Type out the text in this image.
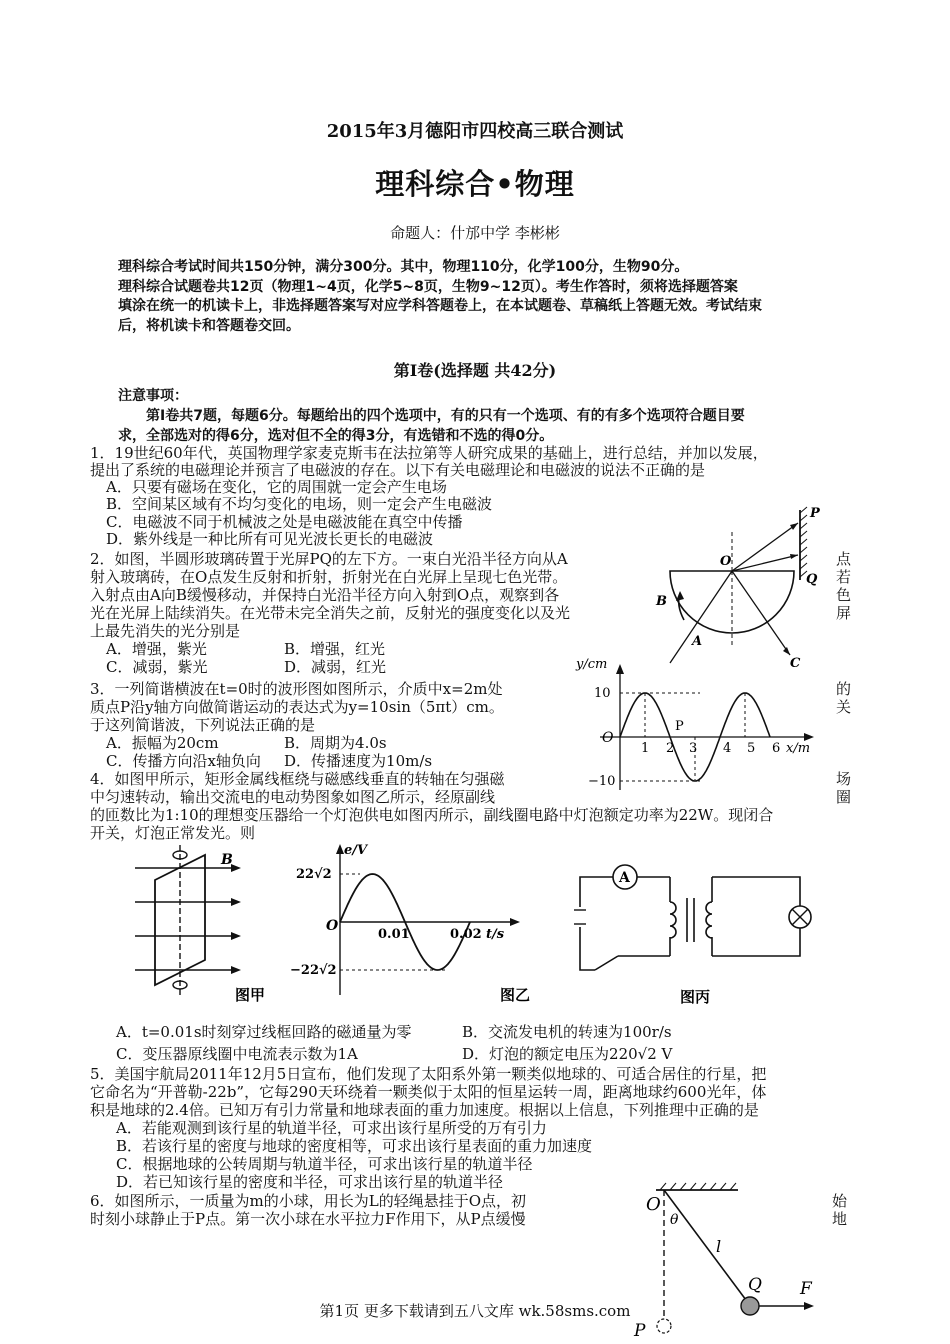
2015年3月德阳市四校高三联合测试
理科综合•物理
命题人：什邡中学 李彬彬
理科综合考试时间共150分钟，满分300分。其中，物理110分，化学100分，生物90分。
理科综合试题卷共12页（物理1~4页，化学5~8页，生物9~12页）。考生作答时，须将选择题答案
填涂在统一的机读卡上，非选择题答案写对应学科答题卷上，在本试题卷、草稿纸上答题无效。考试结束
后，将机读卡和答题卷交回。
第Ⅰ卷(选择题 共42分)
注意事项：
第Ⅰ卷共7题，每题6分。每题给出的四个选项中，有的只有一个选项、有的有多个选项符合题目要
求，全部选对的得6分，选对但不全的得3分，有选错和不选的得0分。
1．19世纪60年代，英国物理学家麦克斯韦在法拉第等人研究成果的基础上，进行总结，并加以发展，
提出了系统的电磁理论并预言了电磁波的存在。以下有关电磁理论和电磁波的说法不正确的是
A．只要有磁场在变化，它的周围就一定会产生电场
B．空间某区域有不均匀变化的电场，则一定会产生电磁波
C．电磁波不同于机械波之处是电磁波能在真空中传播
D．紫外线是一种比所有可见光波长更长的电磁波
2．如图，半圆形玻璃砖置于光屏PQ的左下方。一束白光沿半径方向从A	点
射入玻璃砖，在O点发生反射和折射，折射光在白光屏上呈现七色光带。	若
入射点由A向B缓慢移动，并保持白光沿半径方向入射到O点，观察到各	色
光在光屏上陆续消失。在光带未完全消失之前，反射光的强度变化以及光	屏
上最先消失的光分别是
A．增强，紫光	B．增强，红光
C．减弱，紫光	D．减弱，红光
P
Q
O
B
A
C
3．一列简谐横波在t=0时的波形图如图所示，介质中x=2m处	的
质点P沿y轴方向做简谐运动的表达式为y=10sin（5πt）cm。	关
于这列简谐波，下列说法正确的是
A．振幅为20cm	B．周期为4.0s
C．传播方向沿x轴负向 D．传播速度为10m/s
y/cm
x/m
O
10
−10
1 2 3 4 5 6
P
4．如图甲所示，矩形金属线框绕与磁感线垂直的转轴在匀强磁	场
中匀速转动，输出交流电的电动势图象如图乙所示，经原副线	圈
的匝数比为1:10的理想变压器给一个灯泡供电如图丙所示，副线圈电路中灯泡额定功率为22W。现闭合
开关，灯泡正常发光。则
B
图甲
e/V
22√2
−22√2
O
0.01	0.02 t/s
图乙
A
图丙
A．t=0.01s时刻穿过线框回路的磁通量为零	B．交流发电机的转速为100r/s
C．变压器原线圈中电流表示数为1A	D．灯泡的额定电压为220√2 V
5．美国宇航局2011年12月5日宣布，他们发现了太阳系外第一颗类似地球的、可适合居住的行星，把
它命名为“开普勒-22b”，它每290天环绕着一颗类似于太阳的恒星运转一周，距离地球约600光年，体
积是地球的2.4倍。已知万有引力常量和地球表面的重力加速度。根据以上信息，下列推理中正确的是
A．若能观测到该行星的轨道半径，可求出该行星所受的万有引力
B．若该行星的密度与地球的密度相等，可求出该行星表面的重力加速度
C．根据地球的公转周期与轨道半径，可求出该行星的轨道半径
D．若已知该行星的密度和半径，可求出该行星的轨道半径
6．如图所示，一质量为m的小球，用长为L的轻绳悬挂于O点，初	始
时刻小球静止于P点。第一次小球在水平拉力F作用下，从P点缓慢	地
O
θ
l
Q F
P
第1页 更多下载请到五八文库 wk.58sms.com
